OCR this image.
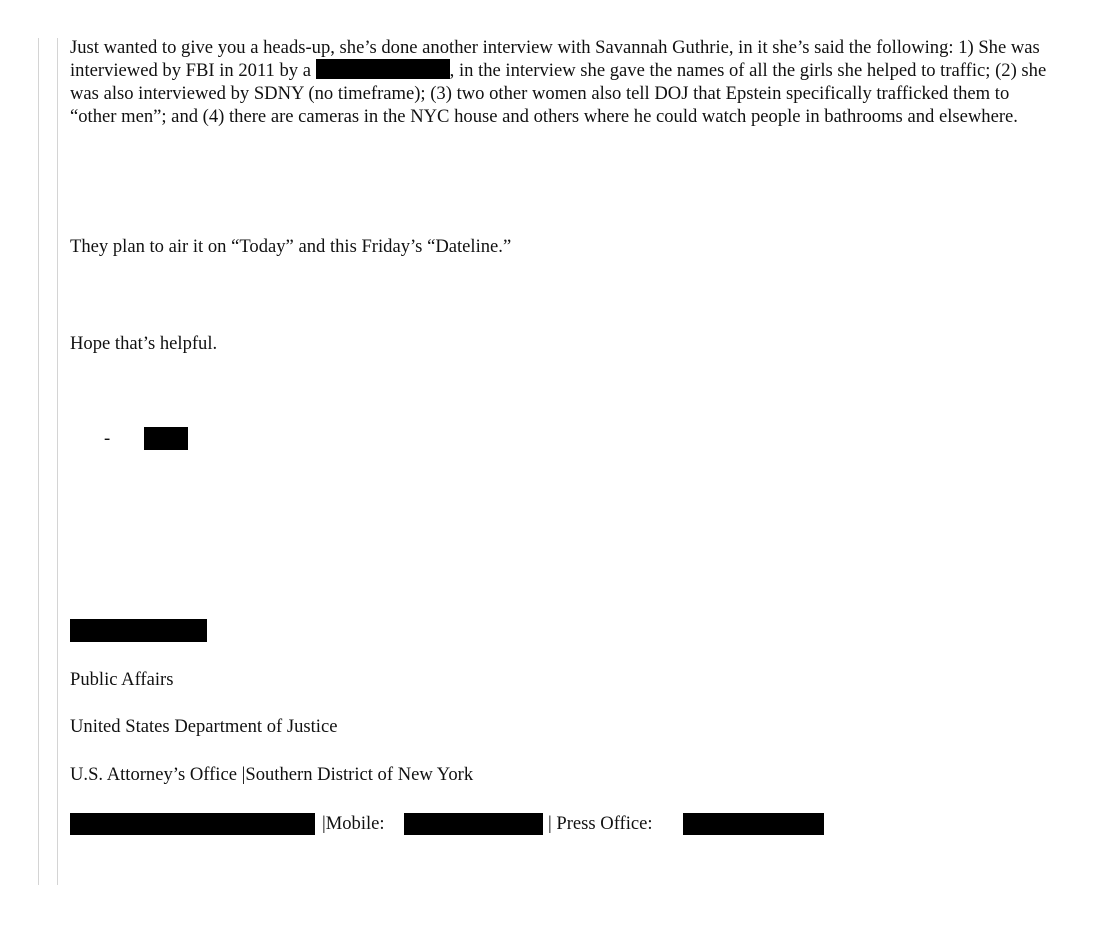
Just wanted to give you a heads-up, she’s done another interview with Savannah Guthrie, in it she’s said the following: 1) She was interviewed by FBI in 2011 by a	, in the interview she gave the names of all the girls she helped to traffic; (2) she was also interviewed by SDNY (no timeframe); (3) two other women also tell DOJ that Epstein specifically trafficked them to “other men”; and (4) there are cameras in the NYC house and others where he could watch people in bathrooms and elsewhere.

They plan to air it on “Today” and this Friday’s “Dateline.”

Hope that’s helpful.

-

Public Affairs

United States Department of Justice

U.S. Attorney’s Office |Southern District of New York

|Mobile:	| Press Office:
